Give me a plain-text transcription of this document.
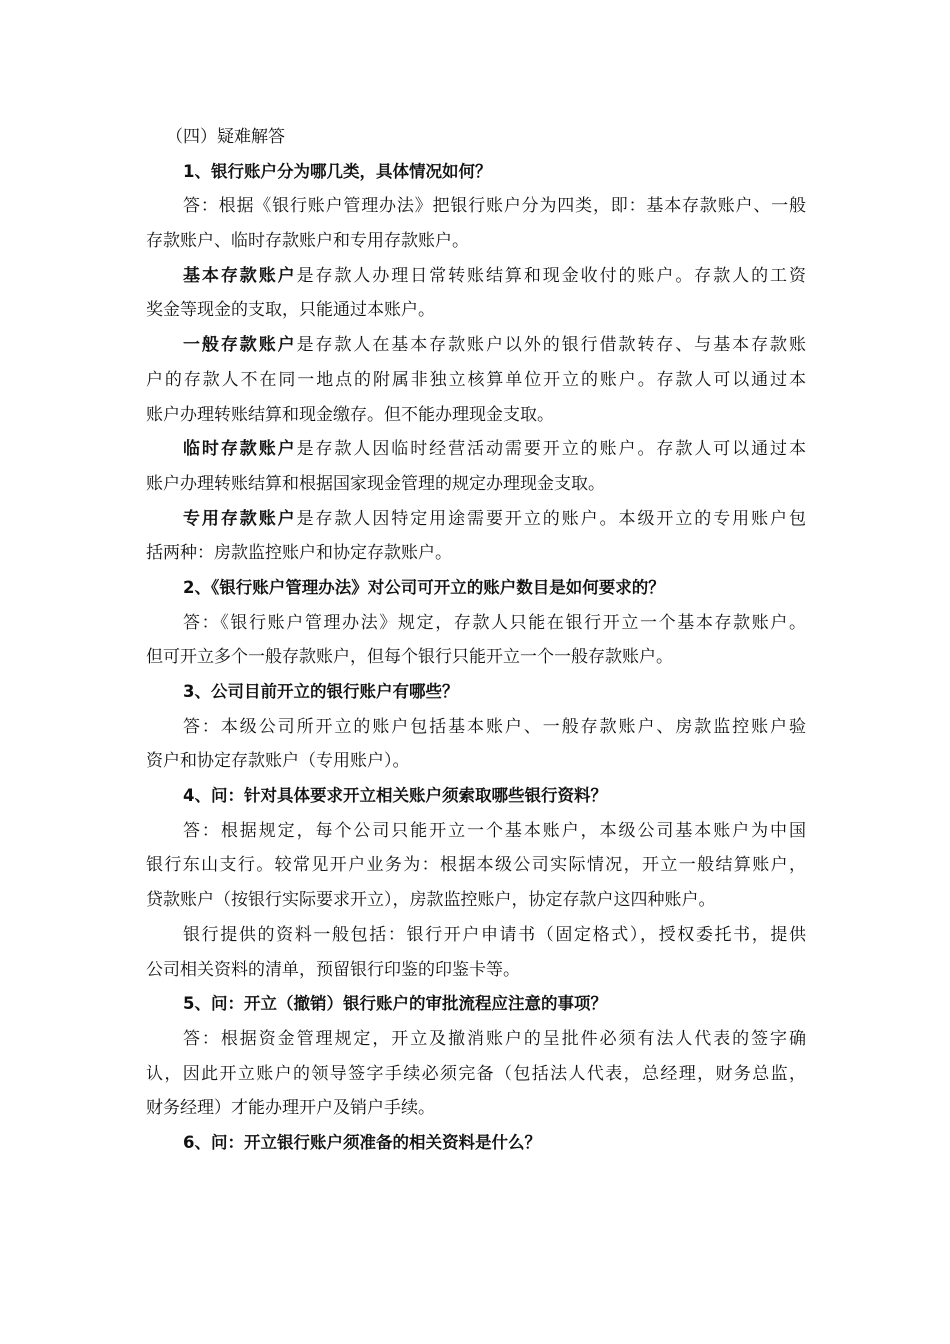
（四）疑难解答
1、银行账户分为哪几类，具体情况如何？
答：根据《银行账户管理办法》把银行账户分为四类，即：基本存款账户、一般
存款账户、临时存款账户和专用存款账户。
基本存款账户是存款人办理日常转账结算和现金收付的账户。存款人的工资
奖金等现金的支取，只能通过本账户。
一般存款账户是存款人在基本存款账户以外的银行借款转存、与基本存款账
户的存款人不在同一地点的附属非独立核算单位开立的账户。存款人可以通过本
账户办理转账结算和现金缴存。但不能办理现金支取。
临时存款账户是存款人因临时经营活动需要开立的账户。存款人可以通过本
账户办理转账结算和根据国家现金管理的规定办理现金支取。
专用存款账户是存款人因特定用途需要开立的账户。本级开立的专用账户包
括两种：房款监控账户和协定存款账户。
2、《银行账户管理办法》对公司可开立的账户数目是如何要求的？
答：《银行账户管理办法》规定，存款人只能在银行开立一个基本存款账户。
但可开立多个一般存款账户，但每个银行只能开立一个一般存款账户。
3、公司目前开立的银行账户有哪些？
答：本级公司所开立的账户包括基本账户、一般存款账户、房款监控账户验
资户和协定存款账户（专用账户）。
4、问：针对具体要求开立相关账户须索取哪些银行资料？
答：根据规定，每个公司只能开立一个基本账户，本级公司基本账户为中国
银行东山支行。较常见开户业务为：根据本级公司实际情况，开立一般结算账户，
贷款账户（按银行实际要求开立），房款监控账户，协定存款户这四种账户。
银行提供的资料一般包括：银行开户申请书（固定格式），授权委托书，提供
公司相关资料的清单，预留银行印鉴的印鉴卡等。
5、问：开立（撤销）银行账户的审批流程应注意的事项？
答：根据资金管理规定，开立及撤消账户的呈批件必须有法人代表的签字确
认，因此开立账户的领导签字手续必须完备（包括法人代表，总经理，财务总监，
财务经理）才能办理开户及销户手续。
6、问：开立银行账户须准备的相关资料是什么？
